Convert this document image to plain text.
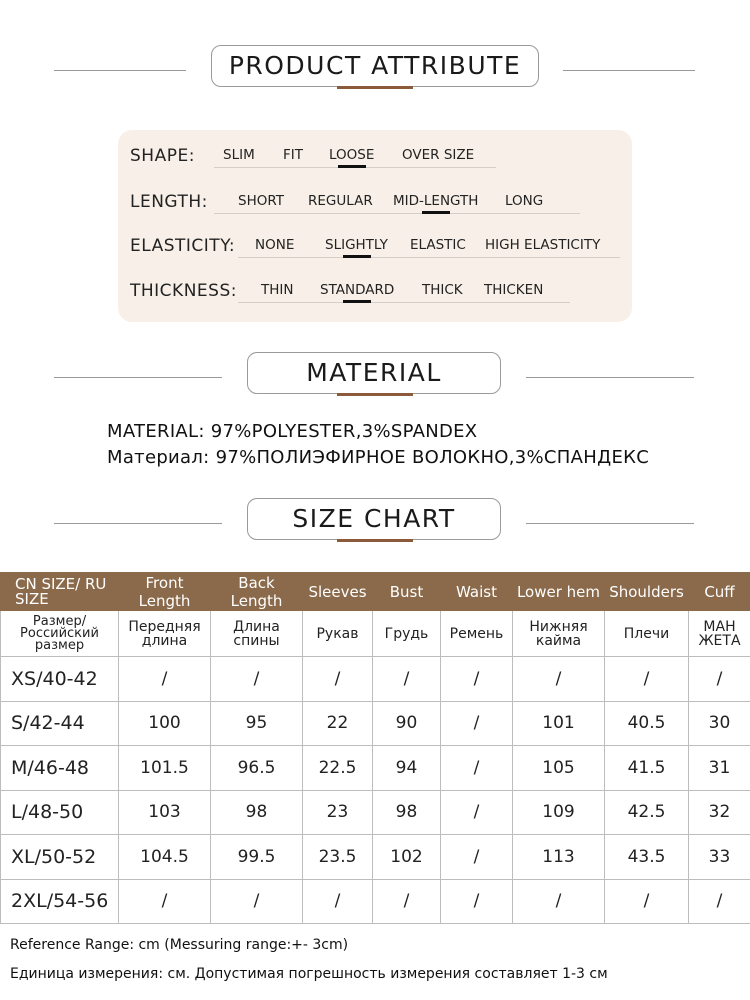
PRODUCT ATTRIBUTE
SHAPE: SLIM FIT LOOSE OVER SIZE
LENGTH: SHORT REGULAR MID-LENGTH LONG
ELASTICITY: NONE SLIGHTLY ELASTIC HIGH ELASTICITY
THICKNESS: THIN STANDARD THICK THICKEN
MATERIAL
MATERIAL: 97%POLYESTER,3%SPANDEX
Материал: 97%ПОЛИЭФИРНОЕ ВОЛОКНО,3%СПАНДЕКС
SIZE CHART
CN SIZE/ RU SIZE	Front Length	Back Length	Sleeves	Bust	Waist	Lower hem	Shoulders	Cuff
Размер/ Российский размер	Передняя длина	Длина спины	Рукав	Грудь	Ремень	Нижняя кайма	Плечи	МАН ЖЕТА
XS/40-42	/	/	/	/	/	/	/	/
S/42-44	100	95	22	90	/	101	40.5	30
M/46-48	101.5	96.5	22.5	94	/	105	41.5	31
L/48-50	103	98	23	98	/	109	42.5	32
XL/50-52	104.5	99.5	23.5	102	/	113	43.5	33
2XL/54-56	/	/	/	/	/	/	/	/
Reference Range: cm (Messuring range:+- 3cm)
Единица измерения: см. Допустимая погрешность измерения составляет 1-3 см
